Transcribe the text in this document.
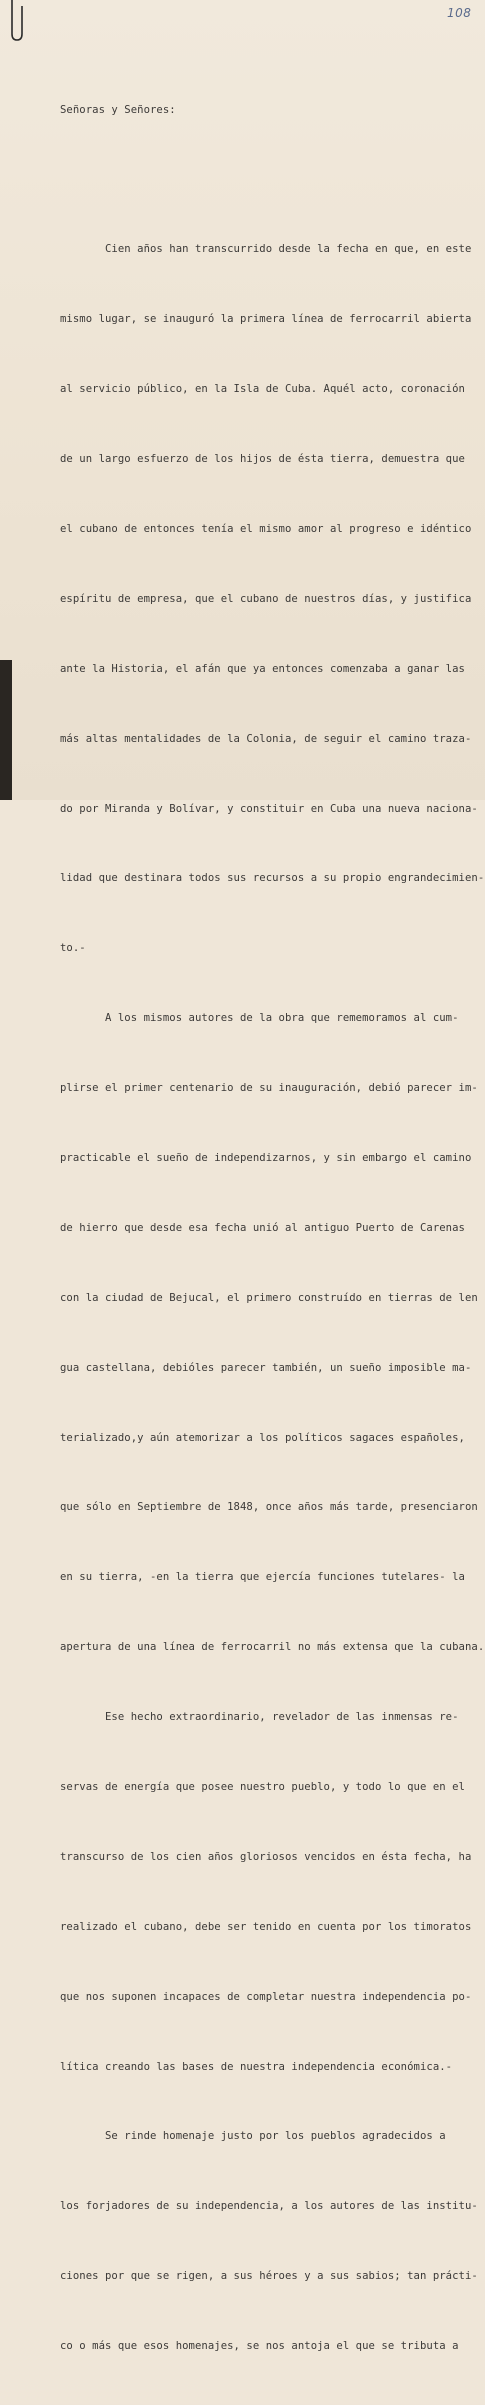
108

Señoras y Señores:

Cien años han transcurrido desde la fecha en que, en este

mismo lugar, se inauguró la primera línea de ferrocarril abierta

al servicio público, en la Isla de Cuba. Aquél acto, coronación

de un largo esfuerzo de los hijos de ésta tierra, demuestra que

el cubano de entonces tenía el mismo amor al progreso e idéntico

espíritu de empresa, que el cubano de nuestros días, y justifica

ante la Historia, el afán que ya entonces comenzaba a ganar las

más altas mentalidades de la Colonia, de seguir el camino traza-

do por Miranda y Bolívar, y constituir en Cuba una nueva naciona-

lidad que destinara todos sus recursos a su propio engrandecimien-

to.-

A los mismos autores de la obra que rememoramos al cum-

plirse el primer centenario de su inauguración, debió parecer im-

practicable el sueño de independizarnos, y sin embargo el camino

de hierro que desde esa fecha unió al antiguo Puerto de Carenas

con la ciudad de Bejucal, el primero construído en tierras de len

gua castellana, debióles parecer también, un sueño imposible ma-

terializado,y aún atemorizar a los políticos sagaces españoles,

que sólo en Septiembre de 1848, once años más tarde, presenciaron

en su tierra, -en la tierra que ejercía funciones tutelares- la

apertura de una línea de ferrocarril no más extensa que la cubana.

Ese hecho extraordinario, revelador de las inmensas re-

servas de energía que posee nuestro pueblo, y todo lo que en el

transcurso de los cien años gloriosos vencidos en ésta fecha, ha

realizado el cubano, debe ser tenido en cuenta por los timoratos

que nos suponen incapaces de completar nuestra independencia po-

lítica creando las bases de nuestra independencia económica.-

Se rinde homenaje justo por los pueblos agradecidos a

los forjadores de su independencia, a los autores de las institu-

ciones por que se rigen, a sus héroes y a sus sabios; tan prácti-

co o más que esos homenajes, se nos antoja el que se tributa a
